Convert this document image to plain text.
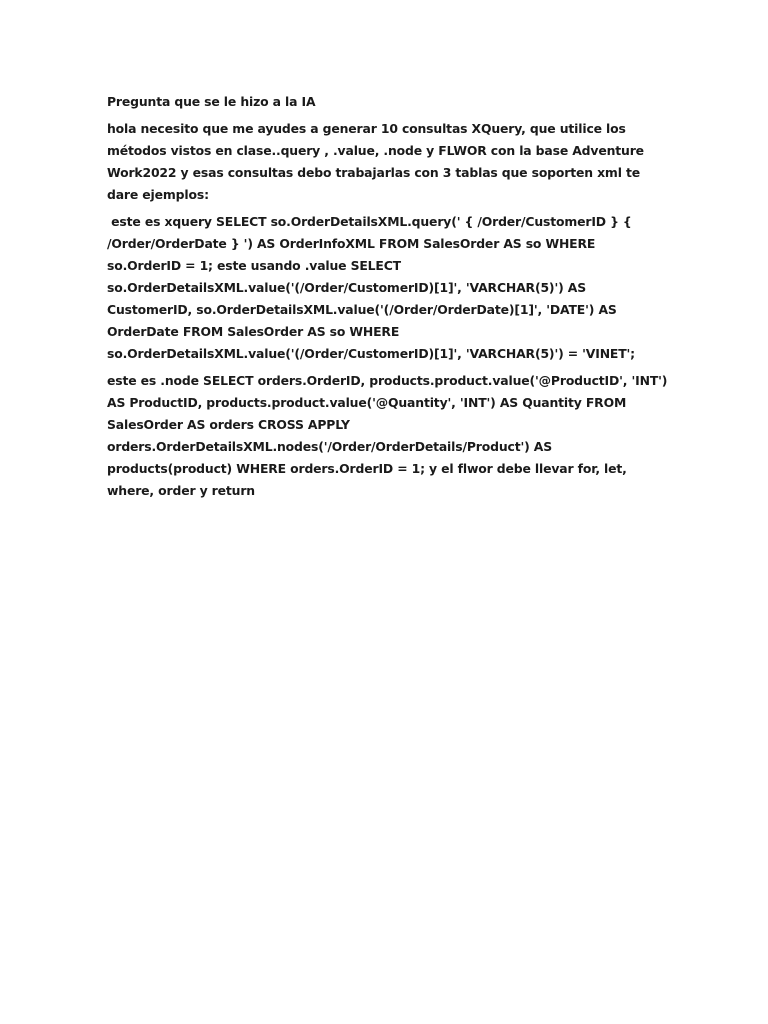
Pregunta que se le hizo a la IA
hola necesito que me ayudes a generar 10 consultas XQuery, que utilice los
métodos vistos en clase..query , .value, .node y FLWOR con la base Adventure
Work2022 y esas consultas debo trabajarlas con 3 tablas que soporten xml te
dare ejemplos:
este es xquery SELECT so.OrderDetailsXML.query(' { /Order/CustomerID } {
/Order/OrderDate } ') AS OrderInfoXML FROM SalesOrder AS so WHERE
so.OrderID = 1; este usando .value SELECT
so.OrderDetailsXML.value('(/Order/CustomerID)[1]', 'VARCHAR(5)') AS
CustomerID, so.OrderDetailsXML.value('(/Order/OrderDate)[1]', 'DATE') AS
OrderDate FROM SalesOrder AS so WHERE
so.OrderDetailsXML.value('(/Order/CustomerID)[1]', 'VARCHAR(5)') = 'VINET';
este es .node SELECT orders.OrderID, products.product.value('@ProductID', 'INT')
AS ProductID, products.product.value('@Quantity', 'INT') AS Quantity FROM
SalesOrder AS orders CROSS APPLY
orders.OrderDetailsXML.nodes('/Order/OrderDetails/Product') AS
products(product) WHERE orders.OrderID = 1; y el flwor debe llevar for, let,
where, order y return
